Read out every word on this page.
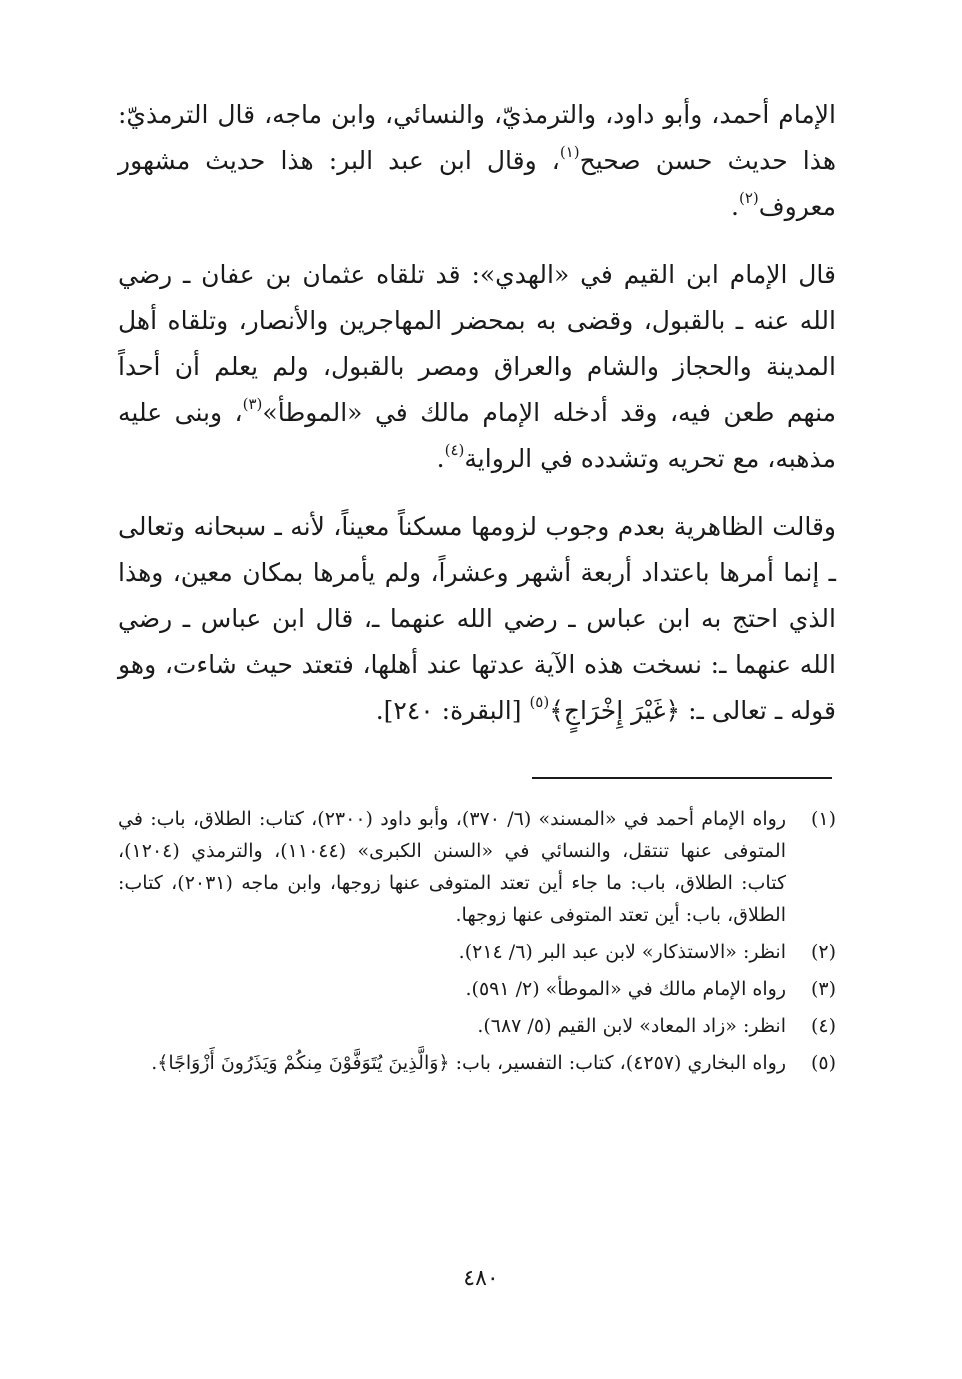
الإمام أحمد، وأبو داود، والترمذيّ، والنسائي، وابن ماجه، قال الترمذيّ: هذا حديث حسن صحيح$^{(١)}$، وقال ابن عبد البر: هذا حديث مشهور معروف$^{(٢)}$.

قال الإمام ابن القيم في «الهدي»: قد تلقاه عثمان بن عفان ـ رضي الله عنه ـ بالقبول، وقضى به بمحضر المهاجرين والأنصار، وتلقاه أهل المدينة والحجاز والشام والعراق ومصر بالقبول، ولم يعلم أن أحداً منهم طعن فيه، وقد أدخله الإمام مالك في «الموطأ»$^{(٣)}$، وبنى عليه مذهبه، مع تحريه وتشدده في الرواية$^{(٤)}$.

وقالت الظاهرية بعدم وجوب لزومها مسكناً معيناً، لأنه ـ سبحانه وتعالى ـ إنما أمرها باعتداد أربعة أشهر وعشراً، ولم يأمرها بمكان معين، وهذا الذي احتج به ابن عباس ـ رضي الله عنهما ـ، قال ابن عباس ـ رضي الله عنهما ـ: نسخت هذه الآية عدتها عند أهلها، فتعتد حيث شاءت، وهو قوله ـ تعالى ـ: ﴿غَيْرَ إِخْرَاجٍ﴾$^{(٥)}$ [البقرة: ٢٤٠].

(١)
رواه الإمام أحمد في «المسند» (٦/ ٣٧٠)، وأبو داود (٢٣٠٠)، كتاب: الطلاق، باب: في المتوفى عنها تنتقل، والنسائي في «السنن الكبرى» (١١٠٤٤)، والترمذي (١٢٠٤)، كتاب: الطلاق، باب: ما جاء أين تعتد المتوفى عنها زوجها، وابن ماجه (٢٠٣١)، كتاب: الطلاق، باب: أين تعتد المتوفى عنها زوجها.
(٢)
انظر: «الاستذكار» لابن عبد البر (٦/ ٢١٤).
(٣)
رواه الإمام مالك في «الموطأ» (٢/ ٥٩١).
(٤)
انظر: «زاد المعاد» لابن القيم (٥/ ٦٨٧).
(٥)
رواه البخاري (٤٢٥٧)، كتاب: التفسير، باب: ﴿وَالَّذِينَ يُتَوَفَّوْنَ مِنكُمْ وَيَذَرُونَ أَزْوَاجًا﴾.
٤٨٠
